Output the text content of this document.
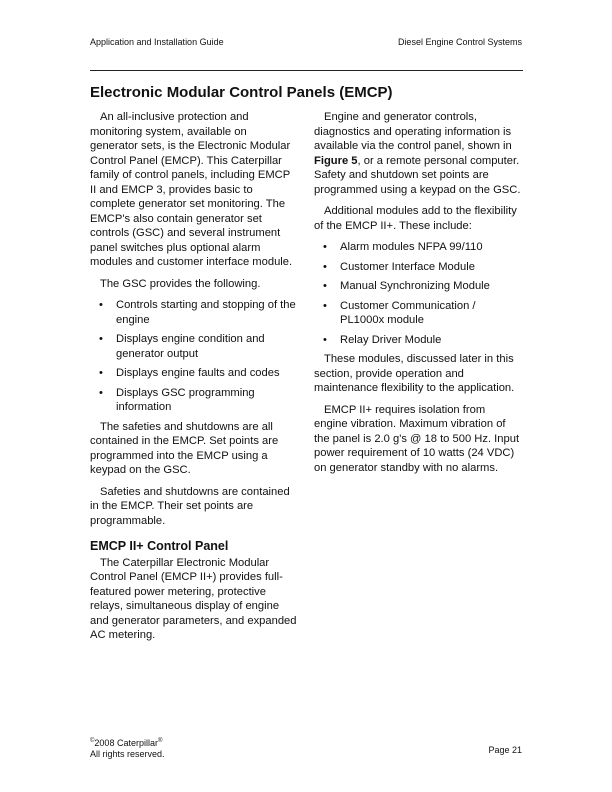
Application and Installation Guide	Diesel Engine Control Systems
Electronic Modular Control Panels (EMCP)

An all-inclusive protection and monitoring system, available on generator sets, is the Electronic Modular Control Panel (EMCP). This Caterpillar family of control panels, including EMCP II and EMCP 3, provides basic to complete generator set monitoring. The EMCP's also contain generator set controls (GSC) and several instrument panel switches plus optional alarm modules and customer interface module.

The GSC provides the following.

• Controls starting and stopping of the engine
• Displays engine condition and generator output
• Displays engine faults and codes
• Displays GSC programming information

The safeties and shutdowns are all contained in the EMCP. Set points are programmed into the EMCP using a keypad on the GSC.

Safeties and shutdowns are contained in the EMCP. Their set points are programmable.

EMCP II+ Control Panel

The Caterpillar Electronic Modular Control Panel (EMCP II+) provides full-featured power metering, protective relays, simultaneous display of engine and generator parameters, and expanded AC metering.

Engine and generator controls, diagnostics and operating information is available via the control panel, shown in Figure 5, or a remote personal computer. Safety and shutdown set points are programmed using a keypad on the GSC.

Additional modules add to the flexibility of the EMCP II+. These include:

• Alarm modules NFPA 99/110
• Customer Interface Module
• Manual Synchronizing Module
• Customer Communication / PL1000x module
• Relay Driver Module

These modules, discussed later in this section, provide operation and maintenance flexibility to the application.

EMCP II+ requires isolation from engine vibration. Maximum vibration of the panel is 2.0 g's @ 18 to 500 Hz. Input power requirement of 10 watts (24 VDC) on generator standby with no alarms.

©2008 Caterpillar®
All rights reserved.	Page 21
